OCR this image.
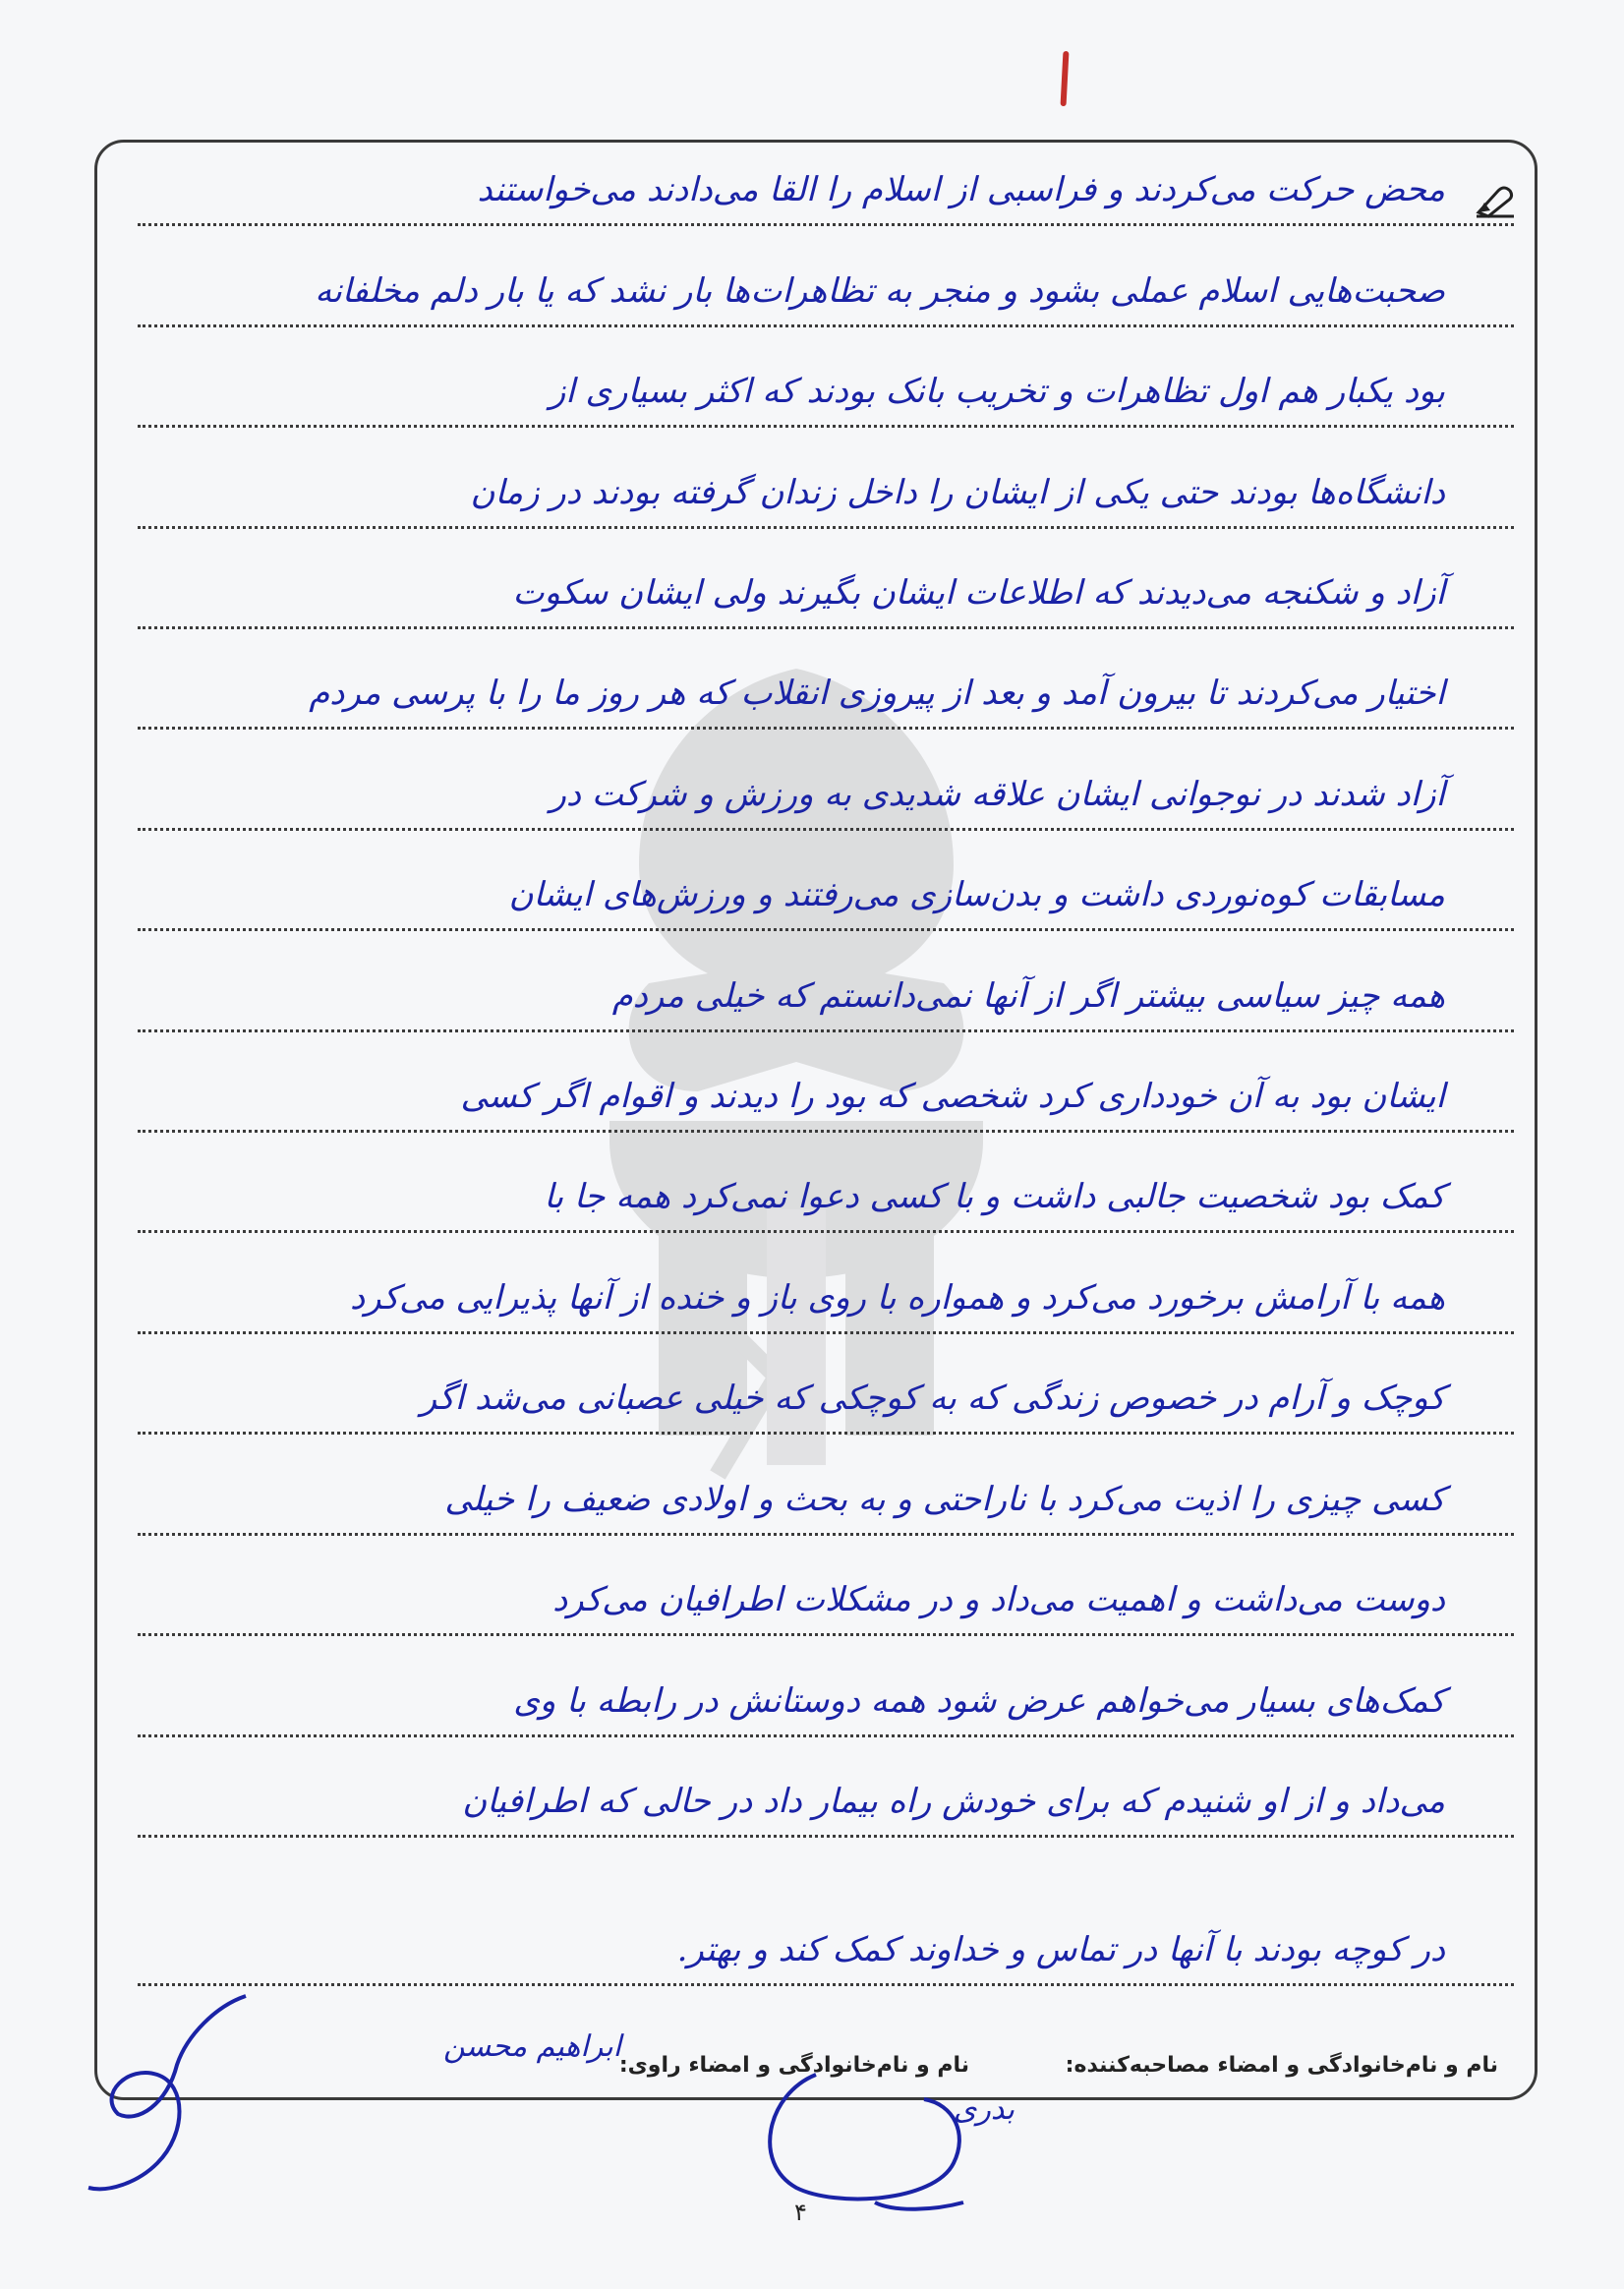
محض حرکت می‌کردند و فراسبی از اسلام را القا می‌دادند می‌خواستند
صحبت‌هایی اسلام عملی بشود و منجر به تظاهرات‌ها بار نشد که یا بار دلم مخلفانه
بود یکبار هم اول تظاهرات و تخریب بانک بودند که اکثر بسیاری از
دانشگاه‌ها بودند حتی یکی از ایشان را داخل زندان گرفته بودند در زمان
آزاد و شکنجه می‌دیدند که اطلاعات ایشان بگیرند ولی ایشان سکوت
اختیار می‌کردند تا بیرون آمد و بعد از پیروزی انقلاب که هر روز ما را با پرسی مردم
آزاد شدند در نوجوانی ایشان علاقه شدیدی به ورزش و شرکت در
مسابقات کوه‌نوردی داشت و بدن‌سازی می‌رفتند و ورزش‌های ایشان
همه چیز سیاسی بیشتر اگر از آنها نمی‌دانستم که خیلی مردم
ایشان بود به آن خودداری کرد شخصی که بود را دیدند و اقوام اگر کسی
کمک بود شخصیت جالبی داشت و با کسی دعوا نمی‌کرد همه جا با
همه با آرامش برخورد می‌کرد و همواره با روی باز و خنده از آنها پذیرایی می‌کرد
کوچک و آرام در خصوص زندگی که به کوچکی که خیلی عصبانی می‌شد اگر
کسی چیزی را اذیت می‌کرد با ناراحتی و به بحث و اولادی ضعیف را خیلی
دوست می‌داشت و اهمیت می‌داد و در مشکلات اطرافیان می‌کرد
کمک‌های بسیار می‌خواهم عرض شود همه دوستانش در رابطه با وی
می‌داد و از او شنیدم که برای خودش راه بیمار داد در حالی که اطرافیان
در کوچه بودند با آنها در تماس و خداوند کمک کند و بهتر.
نام و نام‌خانوادگی و امضاء مصاحبه‌کننده:
نام و نام‌خانوادگی و امضاء راوی:
ابراهیم محسن
بدری
۴
